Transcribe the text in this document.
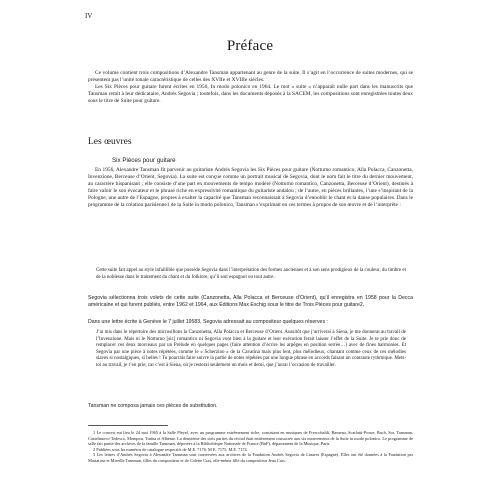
IV
Préface

Ce volume contient trois compositions d’Alexandre Tansman appartenant au genre de la suite. Il s’agit en l’occurrence de suites modernes, qui se présentent pas l’unité tonale caractéristique de celles des XVIIe et XVIIIe siècles.

Les Six Pièces pour guitare furent écrites en 1956, In modo polonico en 1964. Le mot « suite » n’apparaît nulle part dans les manuscrits que Tansman remit à leur dédicataire, Andrés Segovia ; toutefois, dans les documents déposés à la SACEM, les compositions sont enregistrées toutes deux sous le titre de Suite pour guitare.

Les œuvres
Six Pièces pour guitare

En 1956, Alexandre Tansman fit parvenir au guitariste Andrés Segovia les Six Pièces pour guitare (Notturno romantico, Alla Polacca, Canzonetta, Invenzione, Berceuse d’Orient, Segovia). La suite est conçue comme un portrait musical de Segovia, dont le nom fait le titre du dernier mouvement, au caractère hispanisant ; elle consiste d’une part en mouvements de tempo modéré (Notturno romantico, Canzonetta, Berceuse d’Orient), destinés à faire valoir le son évocateur et le phrasé riche en expressivité romantique du guitariste andalou ; de l’autre, en pièces brillantes, l’une s’inspirant de la Pologne, une autre de l’Espagne, propres à exalter la capacité que Tansman reconnaissait à Segovia d’ennoblir le chant et la danse populaires. Dans le programme de la création parisienne1 de la Suite in modo polonico, Tansman s’exprimait en ces termes à propos de son œuvre et de l’interprète :

Cette suite fait appel au style infaillible que possède Segovia dans l’interprétation des formes anciennes et à son sens prodigieux de la couleur, du timbre et de la noblesse dans le traitement du chant et du folklore, qu’il soit espagnol ou tout autre.

Segovia sélectionna trois volets de cette suite (Canzonetta, Alla Polacca et Berceuse d’Orient), qu’il enregistra en 1958 pour la Decca américaine et qui furent publiés, entre 1962 et 1964, aux Éditions Max Eschig sous le titre de Trois Pièces pour guitare2.

Dans une lettre écrite à Genève le 7 juillet 19583, Segovia adressait au compositeur quelques réserves :

J’ai mis dans le répertoire des microsillons la Canzonetta, Alla Polacca et Berceuse d’Orient. Aussitôt que j’arriverai à Siena, je me donnerai au travail de l’Invenzione. Mais ni le Notturno [sic] romantico ni Segovia vont bien à la guitare et leur exécution ferait laisser l’effet de la Suite. Je te prie donc de remplacer ces deux morceaux par un Prélude en quelques pages (faire attention d’écrire les arpèges en position serrée…) avec de fines harmonies. Et Segovia par une pièce à notes répétées, comme le « Scherzino » de la Cavatina mais plus lent, plus mélodieux, chantant comme ceux de ces mélodies slaves si nostalgiques, si belles ! Tu pourrais faire suivre la partie de notes répétées par une longue phrase en accords faisant un contraste rythmique. Mets-toi au travail, je t’en prie, car c’est à Siena, où je resterai seulement un mois et demi, que j’aurai l’occasion de travailler.

Tansman ne composa jamais ces pièces de substitution.

1 Le concert eut lieu le 24 mai 1965 à la Salle Pleyel, avec un programme extrêmement riche, consistant en musiques de Frescobaldi, Rameau, Scarlatti-Ponce, Bach, Sor, Tansman, Castelnuovo-Tedesco, Mompou, Turina et Albéniz. La deuxième des trois parties du récital était entièrement consacrée aux six mouvements de la Suite in modo polonico. Le programme de salle fait partie des archives de la famille Tansman, déposées à la Bibliothèque Nationale de France (BnF), département de la Musique, Paris.

2 Publiées sous les numéros de catalogue respectifs de M.E. 7176, M.E. 7175, M.E. 7174.

3 Les lettres d’Andrés Segovia à Alexandre Tansman sont conservées aux archives de la Fondation Andrés Segovia de Linares (Espagne). Elles ont été données à la Fondation par Mariarose et Mireille Tansman, filles du compositeur et de Colette Cras, elle-même fille du compositeur Jean Cras.
